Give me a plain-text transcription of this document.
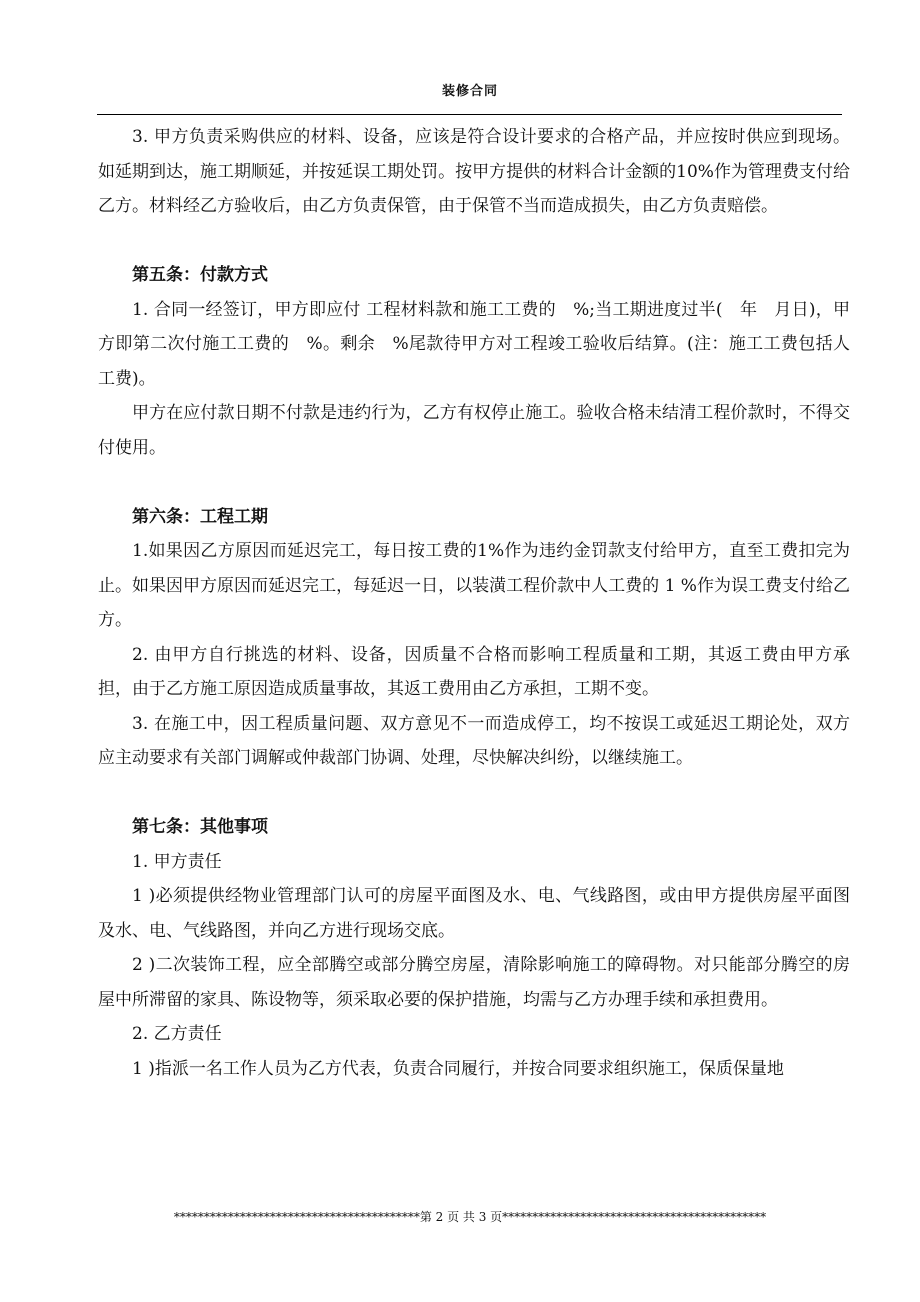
装修合同

3. 甲方负责采购供应的材料、设备，应该是符合设计要求的合格产品，并应按时供应到现场。如延期到达，施工期顺延，并按延误工期处罚。按甲方提供的材料合计金额的10%作为管理费支付给乙方。材料经乙方验收后，由乙方负责保管，由于保管不当而造成损失，由乙方负责赔偿。

第五条：付款方式

1. 合同一经签订，甲方即应付 工程材料款和施工工费的　%;当工期进度过半(　年　月日)，甲方即第二次付施工工费的　%。剩余　%尾款待甲方对工程竣工验收后结算。(注：施工工费包括人工费)。

甲方在应付款日期不付款是违约行为，乙方有权停止施工。验收合格未结清工程价款时，不得交付使用。

第六条：工程工期

1.如果因乙方原因而延迟完工，每日按工费的1%作为违约金罚款支付给甲方，直至工费扣完为止。如果因甲方原因而延迟完工，每延迟一日，以装潢工程价款中人工费的 1 %作为误工费支付给乙方。

2. 由甲方自行挑选的材料、设备，因质量不合格而影响工程质量和工期，其返工费由甲方承担，由于乙方施工原因造成质量事故，其返工费用由乙方承担，工期不变。

3. 在施工中，因工程质量问题、双方意见不一而造成停工，均不按误工或延迟工期论处，双方应主动要求有关部门调解或仲裁部门协调、处理，尽快解决纠纷，以继续施工。

第七条：其他事项

1. 甲方责任

1 )必须提供经物业管理部门认可的房屋平面图及水、电、气线路图，或由甲方提供房屋平面图及水、电、气线路图，并向乙方进行现场交底。

2 )二次装饰工程，应全部腾空或部分腾空房屋，清除影响施工的障碍物。对只能部分腾空的房屋中所滞留的家具、陈设物等，须采取必要的保护措施，均需与乙方办理手续和承担费用。

2. 乙方责任

1 )指派一名工作人员为乙方代表，负责合同履行，并按合同要求组织施工，保质保量地

*****************************************第 2 页 共 3 页********************************************
